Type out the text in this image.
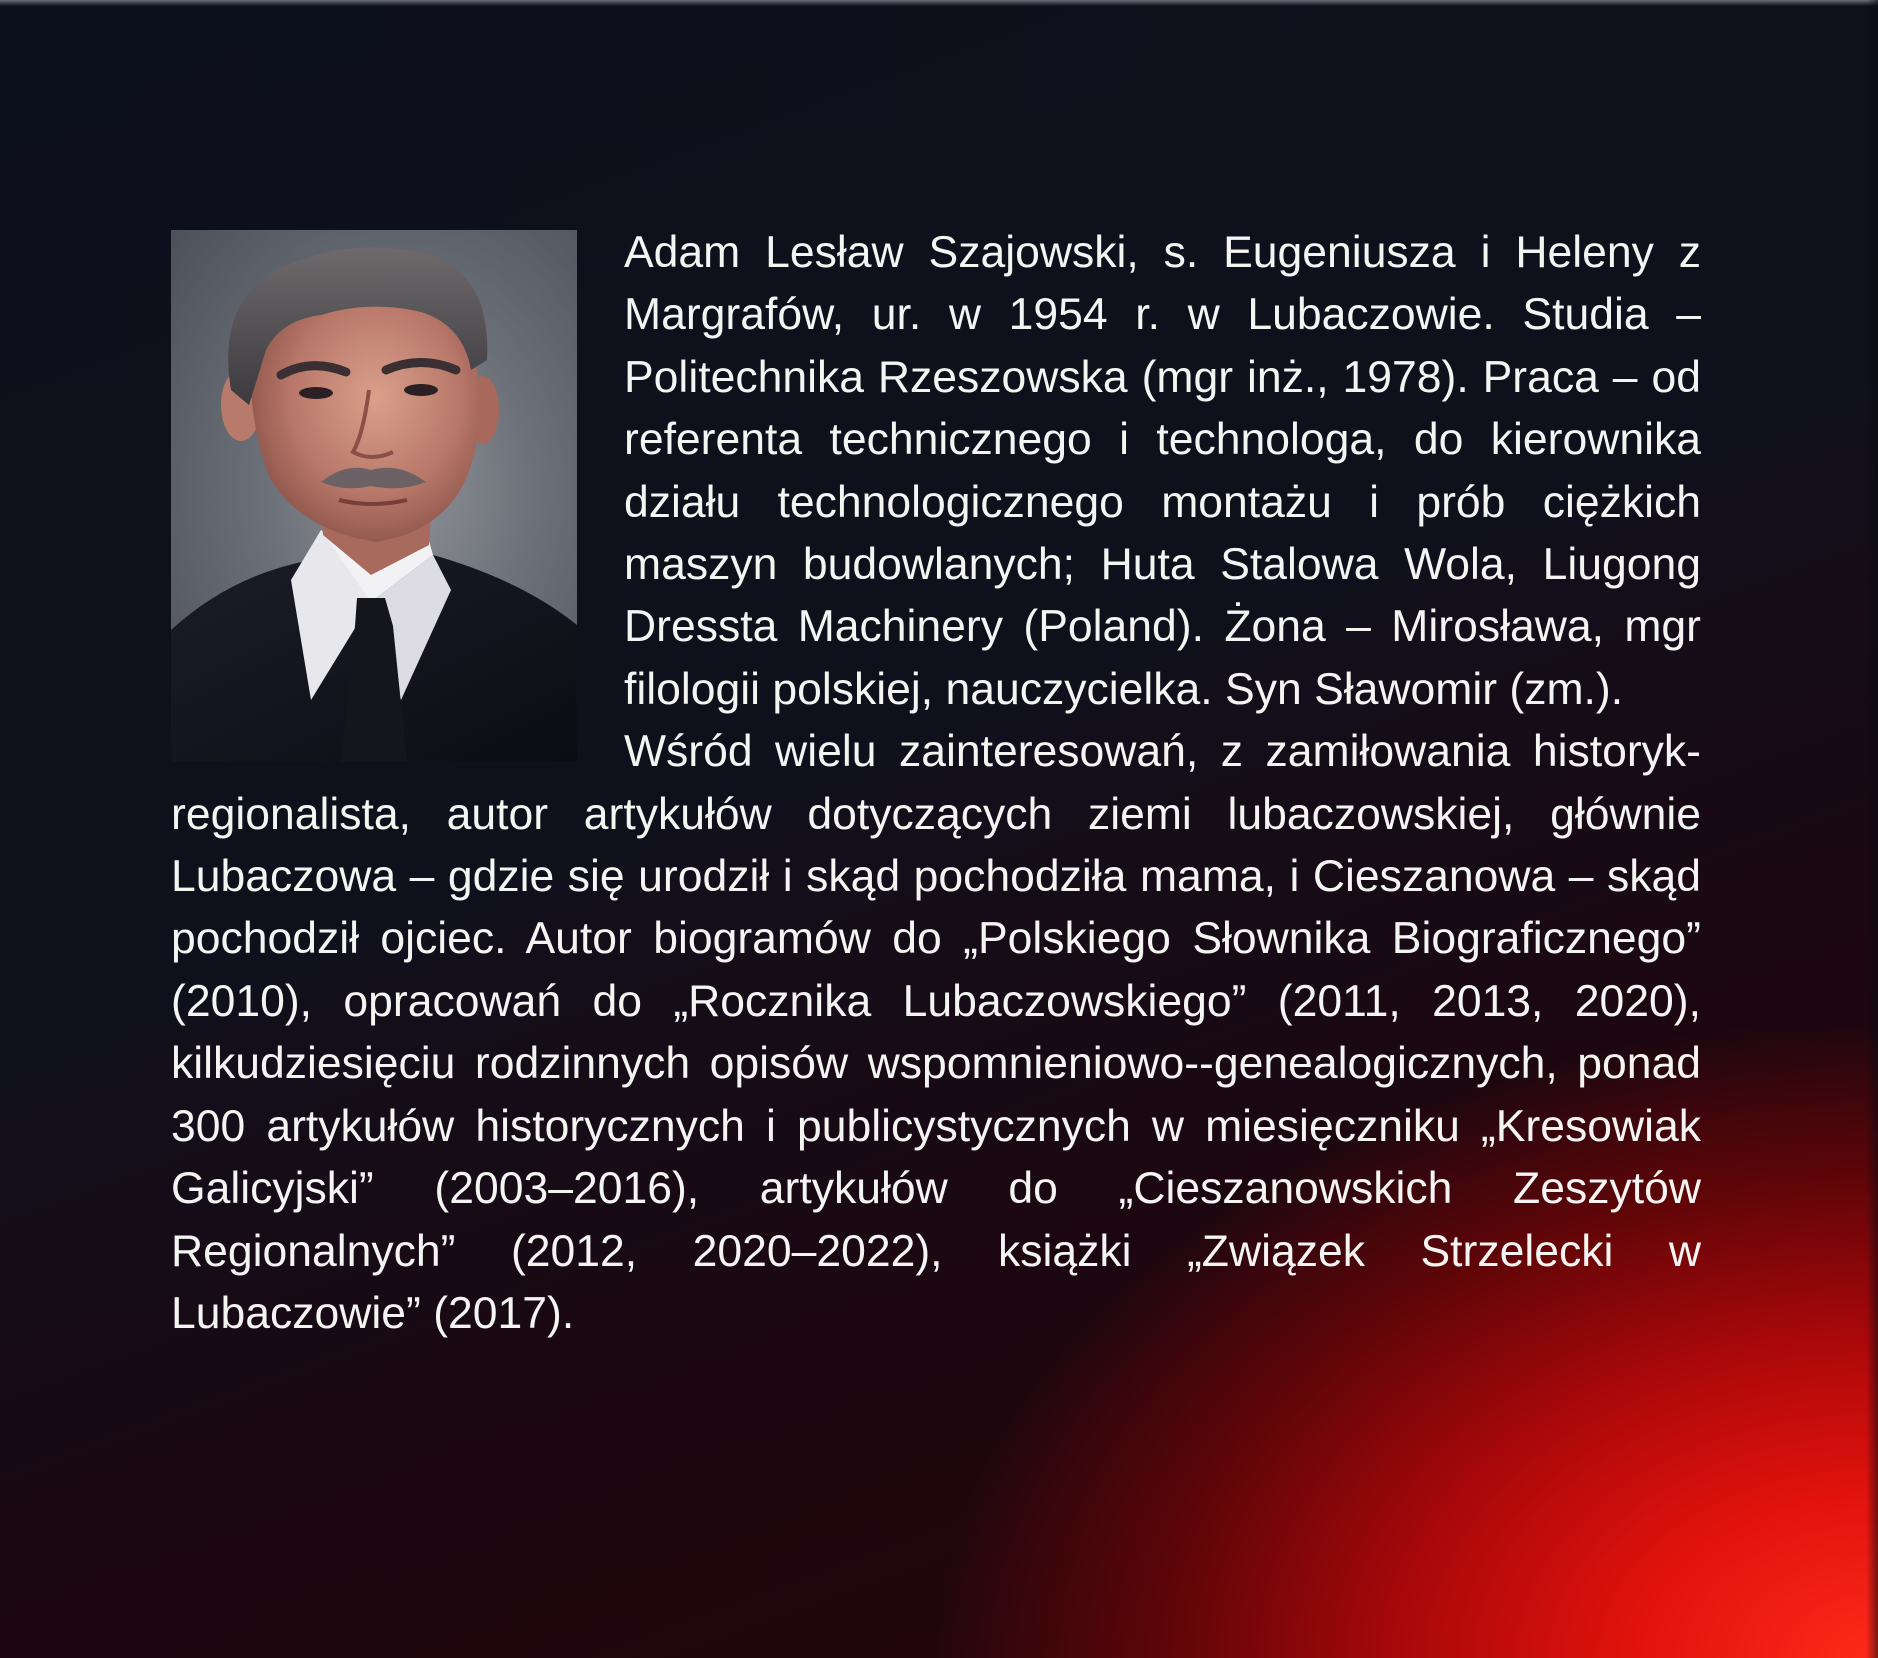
Adam Lesław Szajowski, s. Eugeniusza i Heleny z Margrafów, ur. w 1954 r. w Lubaczowie. Studia – Politechnika Rzeszowska (mgr inż., 1978). Praca – od referenta technicznego i technologa, do kierownika działu technologicznego montażu i prób ciężkich maszyn budowlanych; Huta Stalowa Wola, Liugong Dressta Machinery (Poland). Żona – Mirosława, mgr filologii polskiej, nauczycielka. Syn Sławomir (zm.).

Wśród wielu zainteresowań, z zamiłowania historyk-regionalista, autor artykułów dotyczących ziemi lubaczowskiej, głównie Lubaczowa – gdzie się urodził i skąd pochodziła mama, i Cieszanowa – skąd pochodził ojciec. Autor biogramów do „Polskiego Słownika Biograficznego” (2010), opracowań do „Rocznika Lubaczowskiego” (2011, 2013, 2020), kilkudziesięciu rodzinnych opisów wspomnieniowo--genealogicznych, ponad 300 artykułów historycznych i publicystycznych w miesięczniku „Kresowiak Galicyjski” (2003–2016), artykułów do „Cieszanowskich Zeszytów Regionalnych” (2012, 2020–2022), książki „Związek Strzelecki w Lubaczowie” (2017).
